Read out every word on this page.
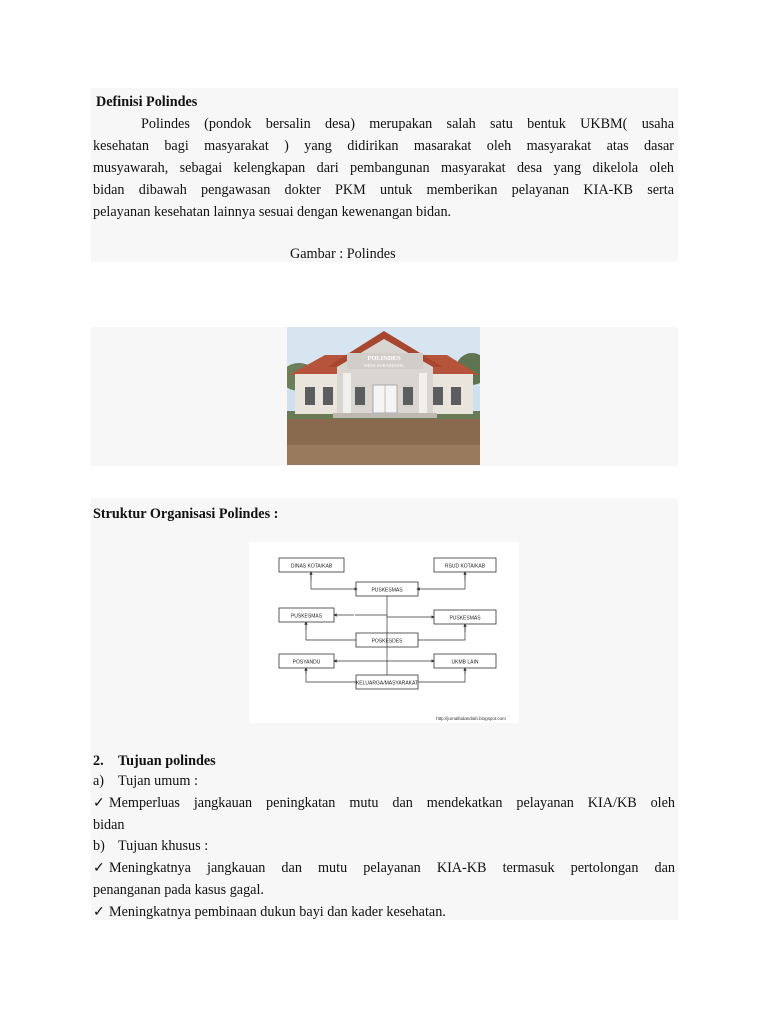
Definisi Polindes
Polindes (pondok bersalin desa) merupakan salah satu bentuk UKBM( usaha
kesehatan bagi masyarakat ) yang didirikan masarakat oleh masyarakat atas dasar
musyawarah, sebagai kelengkapan dari pembangunan masyarakat desa yang dikelola oleh
bidan dibawah pengawasan dokter PKM untuk memberikan pelayanan KIA-KB serta
pelayanan kesehatan lainnya sesuai dengan kewenangan bidan.
Gambar : Polindes
POLINDES
DESA SUKAMANIS
Struktur Organisasi Polindes :
DINAS KOTA/KAB	RSUD KOTA/KAB
PUSKESMAS
PUSKESMAS	PUSKESMAS
POSKESDES
POSYANDU	UKMB LAIN
KELUARGA/MASYARAKAT
http://jurnalbidandiah.blogspot.com
2. Tujuan polindes
a) Tujan umum :
✓ Memperluas jangkauan peningkatan mutu dan mendekatkan pelayanan KIA/KB oleh
bidan
b) Tujuan khusus :
✓ Meningkatnya jangkauan dan mutu pelayanan KIA-KB termasuk pertolongan dan
penanganan pada kasus gagal.
✓ Meningkatnya pembinaan dukun bayi dan kader kesehatan.
